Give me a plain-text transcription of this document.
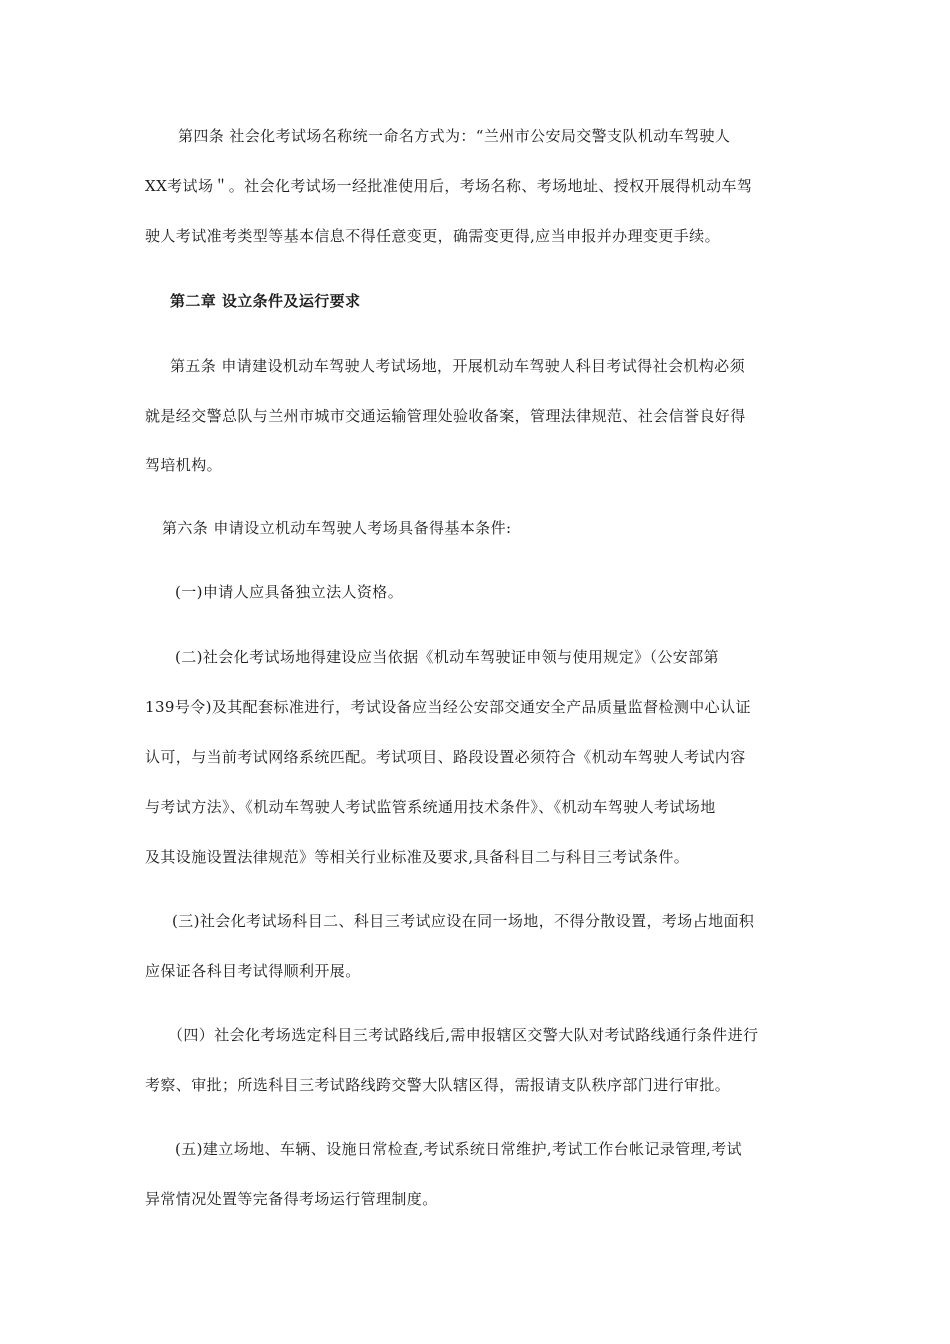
第四条 社会化考试场名称统一命名方式为：“兰州市公安局交警支队机动车驾驶人
XX考试场＂。社会化考试场一经批准使用后，考场名称、考场地址、授权开展得机动车驾
驶人考试准考类型等基本信息不得任意变更，确需变更得,应当申报并办理变更手续。
第二章 设立条件及运行要求
第五条 申请建设机动车驾驶人考试场地，开展机动车驾驶人科目考试得社会机构必须
就是经交警总队与兰州市城市交通运输管理处验收备案，管理法律规范、社会信誉良好得
驾培机构。
第六条 申请设立机动车驾驶人考场具备得基本条件:
(一)申请人应具备独立法人资格。
(二)社会化考试场地得建设应当依据《机动车驾驶证申领与使用规定》（公安部第
139号令)及其配套标准进行，考试设备应当经公安部交通安全产品质量监督检测中心认证
认可，与当前考试网络系统匹配。考试项目、路段设置必须符合《机动车驾驶人考试内容
与考试方法》、《机动车驾驶人考试监管系统通用技术条件》、《机动车驾驶人考试场地
及其设施设置法律规范》等相关行业标准及要求,具备科目二与科目三考试条件。
(三)社会化考试场科目二、科目三考试应设在同一场地，不得分散设置，考场占地面积
应保证各科目考试得顺利开展。
（四）社会化考场选定科目三考试路线后,需申报辖区交警大队对考试路线通行条件进行
考察、审批；所选科目三考试路线跨交警大队辖区得，需报请支队秩序部门进行审批。
(五)建立场地、车辆、设施日常检查,考试系统日常维护,考试工作台帐记录管理,考试
异常情况处置等完备得考场运行管理制度。
